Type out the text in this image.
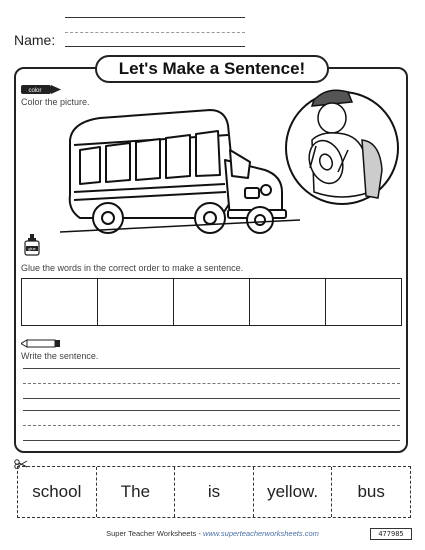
Name:
Let's Make a Sentence!
color
Color the picture.
glue
Glue the words in the correct order to make a sentence.
Write the sentence.
school	The	is	yellow.	bus
Super Teacher Worksheets - www.superteacherworksheets.com	477985
